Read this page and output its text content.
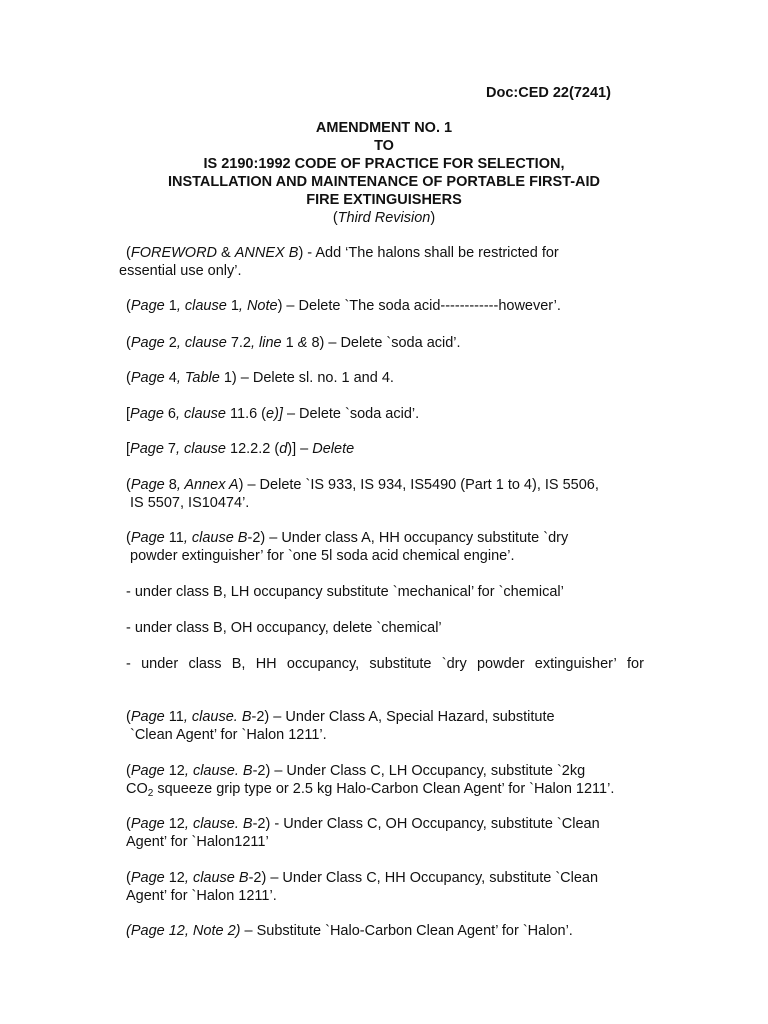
Doc:CED 22(7241)
AMENDMENT NO. 1
TO
IS 2190:1992 CODE OF PRACTICE FOR SELECTION,
INSTALLATION AND MAINTENANCE OF PORTABLE FIRST-AID
FIRE EXTINGUISHERS
(Third Revision)
(FOREWORD & ANNEX B) - Add ‘The halons shall be restricted for
essential use only’.
(Page 1, clause 1, Note) – Delete `The soda acid------------however’.
(Page 2, clause 7.2, line 1 & 8) – Delete `soda acid’.
(Page 4, Table 1) – Delete sl. no. 1 and 4.
[Page 6, clause 11.6 (e)] – Delete `soda acid’.
[Page 7, clause 12.2.2 (d)] – Delete
(Page 8, Annex A) – Delete `IS 933, IS 934, IS5490 (Part 1 to 4), IS 5506,
IS 5507, IS10474’.
(Page 11, clause B-2) – Under class A, HH occupancy substitute `dry
powder extinguisher’ for `one 5l soda acid chemical engine’.
- under class B, LH occupancy substitute `mechanical’ for `chemical’
- under class B, OH occupancy, delete `chemical’
- under class B, HH occupancy, substitute `dry powder extinguisher’ for
(Page 11, clause. B-2) – Under Class A, Special Hazard, substitute
`Clean Agent’ for `Halon 1211’.
(Page 12, clause. B-2) – Under Class C, LH Occupancy, substitute `2kg
$CO_2$ squeeze grip type or 2.5 kg Halo-Carbon Clean Agent’ for `Halon 1211’.
(Page 12, clause. B-2) - Under Class C, OH Occupancy, substitute `Clean
Agent’ for `Halon1211’
(Page 12, clause B-2) – Under Class C, HH Occupancy, substitute `Clean
Agent’ for `Halon 1211’.
(Page 12, Note 2) – Substitute `Halo-Carbon Clean Agent’ for `Halon’.
